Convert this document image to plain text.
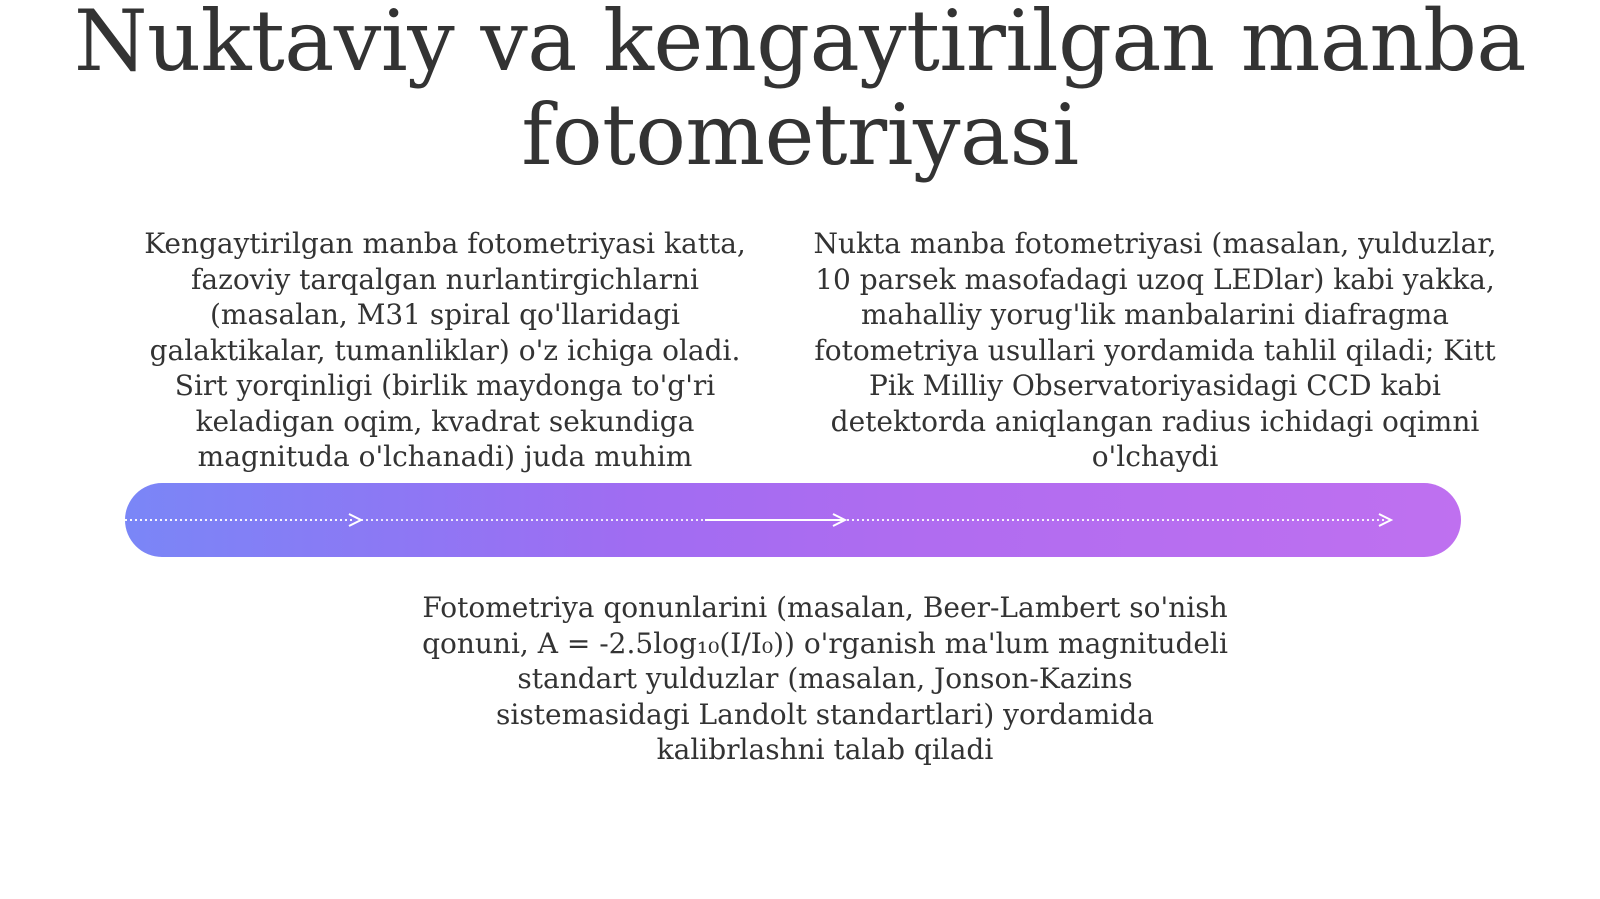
Nuktaviy va kengaytirilgan manba fotometriyasi

Kengaytirilgan manba fotometriyasi katta, fazoviy tarqalgan nurlantirgichlarni (masalan, M31 spiral qo'llaridagi galaktikalar, tumanliklar) o'z ichiga oladi. Sirt yorqinligi (birlik maydonga to'g'ri keladigan oqim, kvadrat sekundiga magnituda o'lchanadi) juda muhim

Nukta manba fotometriyasi (masalan, yulduzlar, 10 parsek masofadagi uzoq LEDlar) kabi yakka, mahalliy yorug'lik manbalarini diafragma fotometriya usullari yordamida tahlil qiladi; Kitt Pik Milliy Observatoriyasidagi CCD kabi detektorda aniqlangan radius ichidagi oqimni o'lchaydi

Fotometriya qonunlarini (masalan, Beer-Lambert so'nish qonuni, A = -2.5log₁₀(I/I₀)) o'rganish ma'lum magnitudeli standart yulduzlar (masalan, Jonson-Kazins sistemasidagi Landolt standartlari) yordamida kalibrlashni talab qiladi
